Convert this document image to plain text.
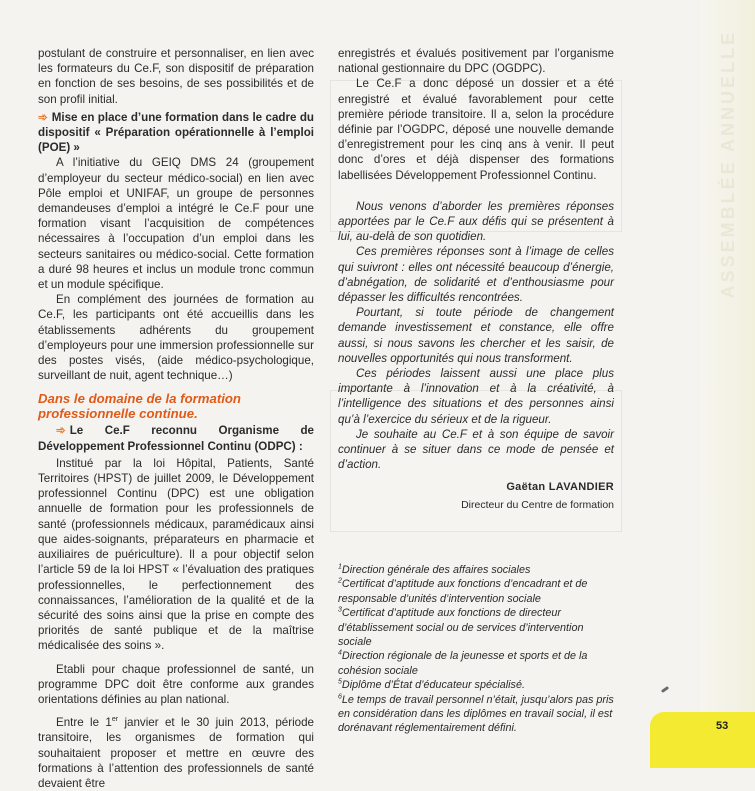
ASSEMBLÉE ANNUELLE

postulant de construire et personnaliser, en lien avec les formateurs du Ce.F, son dispositif de préparation en fonction de ses besoins, de ses possibilités et de son profil initial.

➾ Mise en place d’une formation dans le cadre du dispositif « Préparation opérationnelle à l’emploi (POE) »

A l’initiative du GEIQ DMS 24 (groupement d’employeur du secteur médico-social) en lien avec Pôle emploi et UNIFAF, un groupe de personnes demandeuses d’emploi a intégré le Ce.F pour une formation visant l’acquisition de compétences nécessaires à l’occupation d’un emploi dans les secteurs sanitaires ou médico-social. Cette formation a duré 98 heures et inclus un module tronc commun et un module spécifique.

En complément des journées de formation au Ce.F, les participants ont été accueillis dans les établissements adhérents du groupement d’employeurs pour une immersion professionnelle sur des postes visés, (aide médico-psychologique, surveillant de nuit, agent technique…)

Dans le domaine de la formation professionnelle continue.

➾ Le Ce.F reconnu Organisme de Développement Professionnel Continu (ODPC) :

Institué par la loi Hôpital, Patients, Santé Territoires (HPST) de juillet 2009, le Développement professionnel Continu (DPC) est une obligation annuelle de formation pour les professionnels de santé (professionnels médicaux, paramédicaux ainsi que aides-soignants, préparateurs en pharmacie et auxiliaires de puériculture). Il a pour objectif selon l’article 59 de la loi HPST « l’évaluation des pratiques professionnelles, le perfectionnement des connaissances, l’amélioration de la qualité et de la sécurité des soins ainsi que la prise en compte des priorités de santé publique et de la maîtrise médicalisée des soins ».

Etabli pour chaque professionnel de santé, un programme DPC doit être conforme aux grandes orientations définies au plan national.

Entre le 1er janvier et le 30 juin 2013, période transitoire, les organismes de formation qui souhaitaient proposer et mettre en œuvre des formations à l’attention des professionnels de santé devaient être

enregistrés et évalués positivement par l’organisme national gestionnaire du DPC (OGDPC).

Le Ce.F a donc déposé un dossier et a été enregistré et évalué favorablement pour cette première période transitoire. Il a, selon la procédure définie par l’OGDPC, déposé une nouvelle demande d’enregistrement pour les cinq ans à venir. Il peut donc d’ores et déjà dispenser des formations labellisées Développement Professionnel Continu.

Nous venons d’aborder les premières réponses apportées par le Ce.F aux défis qui se présentent à lui, au-delà de son quotidien.

Ces premières réponses sont à l’image de celles qui suivront : elles ont nécessité beaucoup d’énergie, d’abnégation, de solidarité et d’enthousiasme pour dépasser les difficultés rencontrées.

Pourtant, si toute période de changement demande investissement et constance, elle offre aussi, si nous savons les chercher et les saisir, de nouvelles opportunités qui nous transforment.

Ces périodes laissent aussi une place plus importante à l’innovation et à la créativité, à l’intelligence des situations et des personnes ainsi qu’à l’exercice du sérieux et de la rigueur.

Je souhaite au Ce.F et à son équipe de savoir continuer à se situer dans ce mode de pensée et d’action.

Gaëtan LAVANDIER
Directeur du Centre de formation
$^1$Direction générale des affaires sociales
$^2$Certificat d’aptitude aux fonctions d’encadrant et de responsable d’unités d’intervention sociale
$^3$Certificat d’aptitude aux fonctions de directeur d’établissement social ou de services d’intervention sociale
$^4$Direction régionale de la jeunesse et sports et de la cohésion sociale
$^5$Diplôme d’État d’éducateur spécialisé.
$^6$Le temps de travail personnel n’était, jusqu’alors pas pris en considération dans les diplômes en travail social, il est dorénavant réglementairement défini.	53
